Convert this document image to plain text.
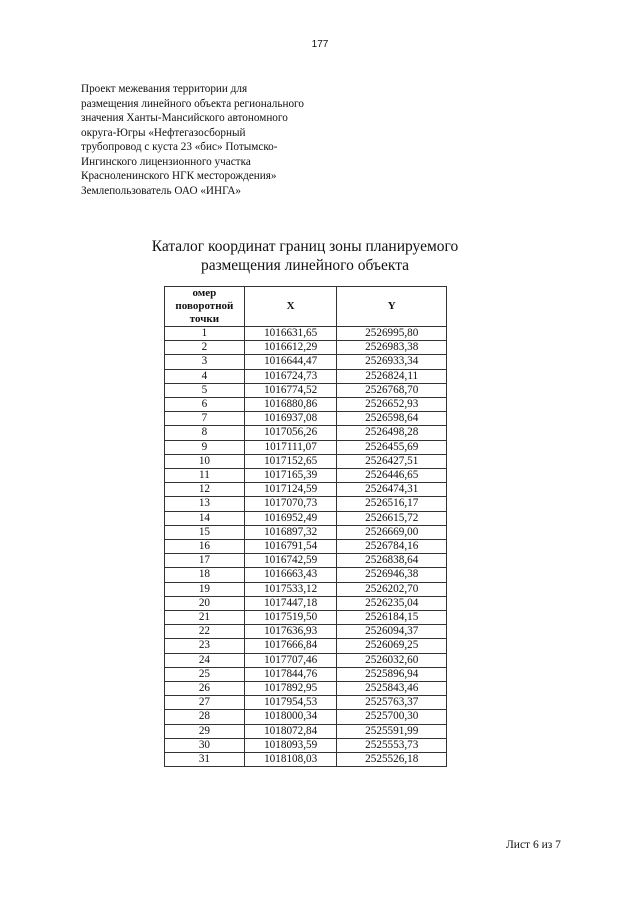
177
Проект межевания территории для
размещения линейного объекта регионального
значения Ханты-Мансийского автономного
округа-Югры «Нефтегазосборный
трубопровод с куста 23 «бис» Потымско-
Ингинского лицензионного участка
Красноленинского НГК месторождения»
Землепользователь ОАО «ИНГА»
Каталог координат границ зоны планируемого
размещения линейного объекта
омер
поворотной
точки	X	Y
1	1016631,65	2526995,80
2	1016612,29	2526983,38
3	1016644,47	2526933,34
4	1016724,73	2526824,11
5	1016774,52	2526768,70
6	1016880,86	2526652,93
7	1016937,08	2526598,64
8	1017056,26	2526498,28
9	1017111,07	2526455,69
10	1017152,65	2526427,51
11	1017165,39	2526446,65
12	1017124,59	2526474,31
13	1017070,73	2526516,17
14	1016952,49	2526615,72
15	1016897,32	2526669,00
16	1016791,54	2526784,16
17	1016742,59	2526838,64
18	1016663,43	2526946,38
19	1017533,12	2526202,70
20	1017447,18	2526235,04
21	1017519,50	2526184,15
22	1017636,93	2526094,37
23	1017666,84	2526069,25
24	1017707,46	2526032,60
25	1017844,76	2525896,94
26	1017892,95	2525843,46
27	1017954,53	2525763,37
28	1018000,34	2525700,30
29	1018072,84	2525591,99
30	1018093,59	2525553,73
31	1018108,03	2525526,18
Лист 6 из 7
